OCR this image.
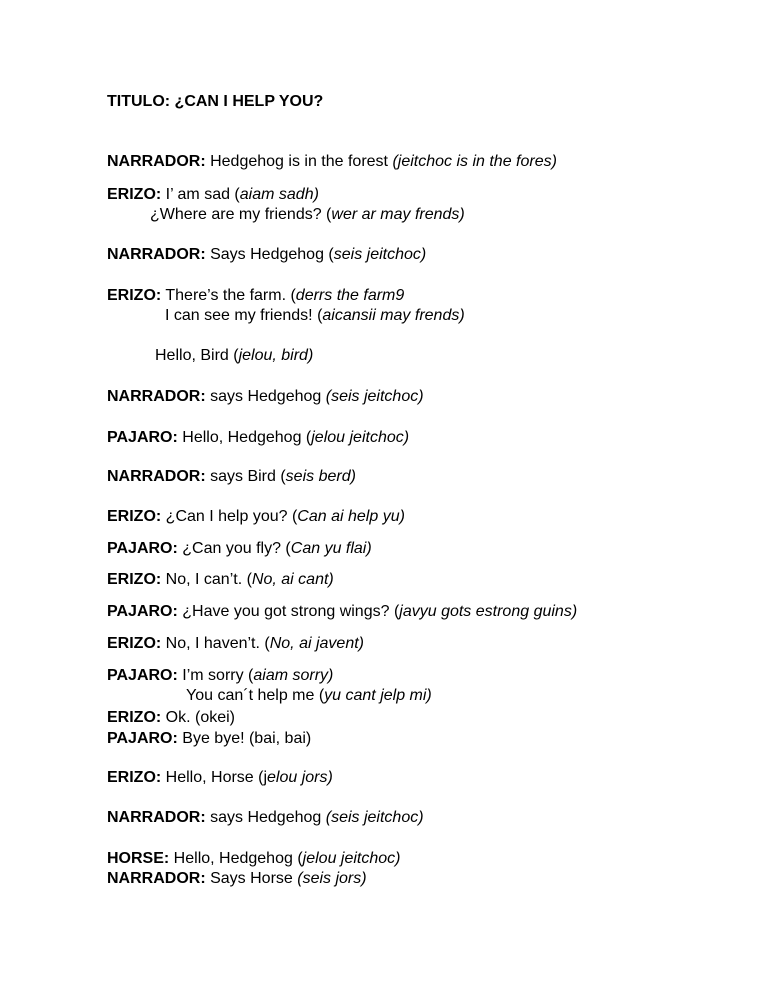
TITULO: ¿CAN I HELP YOU?
NARRADOR: Hedgehog is in the forest (jeitchoc is in the fores)
ERIZO: I’ am sad (aiam sadh)
¿Where are my friends? (wer ar may frends)
NARRADOR: Says Hedgehog (seis jeitchoc)
ERIZO: There’s the farm. (derrs the farm9
I can see my friends! (aicansii may frends)
Hello, Bird (jelou, bird)
NARRADOR: says Hedgehog (seis jeitchoc)
PAJARO: Hello, Hedgehog (jelou jeitchoc)
NARRADOR: says Bird (seis berd)
ERIZO: ¿Can I help you? (Can ai help yu)
PAJARO: ¿Can you fly? (Can yu flai)
ERIZO: No, I can’t. (No, ai cant)
PAJARO: ¿Have you got strong wings? (javyu gots estrong guins)
ERIZO: No, I haven’t. (No, ai javent)
PAJARO: I’m sorry (aiam sorry)
You can´t help me (yu cant jelp mi)
ERIZO: Ok. (okei)
PAJARO: Bye bye! (bai, bai)
ERIZO: Hello, Horse (jelou jors)
NARRADOR: says Hedgehog (seis jeitchoc)
HORSE: Hello, Hedgehog (jelou jeitchoc)
NARRADOR: Says Horse (seis jors)
